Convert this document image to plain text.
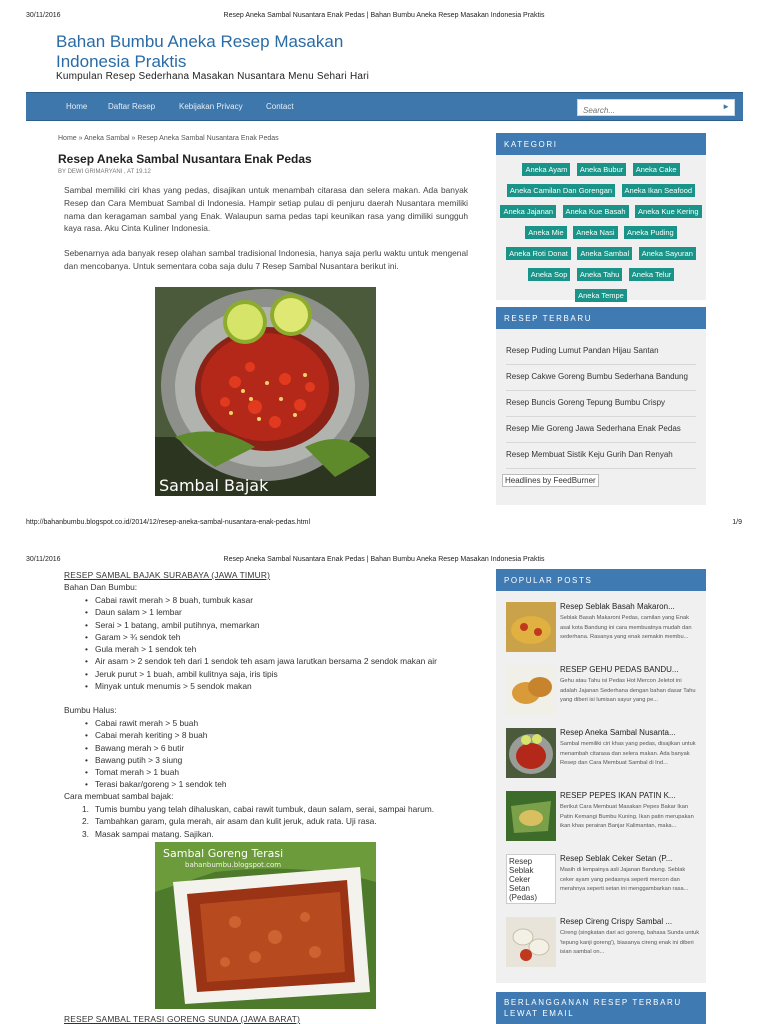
30/11/2016	Resep Aneka Sambal Nusantara Enak Pedas | Bahan Bumbu Aneka Resep Masakan Indonesia Praktis
Bahan Bumbu Aneka Resep Masakan Indonesia Praktis
Kumpulan Resep Sederhana Masakan Nusantara Menu Sehari Hari
Home	Daftar Resep	Kebijakan Privacy	Contact
Search...	►
Home » Aneka Sambal » Resep Aneka Sambal Nusantara Enak Pedas
Resep Aneka Sambal Nusantara Enak Pedas
BY DEWI GRIMARYANI , AT 19.12

Sambal memiliki ciri khas yang pedas, disajikan untuk menambah citarasa dan selera makan. Ada banyak Resep dan Cara Membuat Sambal di Indonesia. Hampir setiap pulau di penjuru daerah Nusantara memiliki nama dan keragaman sambal yang Enak. Walaupun sama pedas tapi keunikan rasa yang dimiliki sungguh kaya rasa. Aku Cinta Kuliner Indonesia.

Sebenarnya ada banyak resep olahan sambal tradisional Indonesia, hanya saja perlu waktu untuk mengenal dan mencobanya. Untuk sementara coba saja dulu 7 Resep Sambal Nusantara berikut ini.

Sambal Bajak
KATEGORI
Aneka Ayam Aneka Bubur Aneka Cake Aneka Camilan Dan Gorengan Aneka Ikan Seafood Aneka Jajanan Aneka Kue Basah Aneka Kue Kering Aneka Mie Aneka Nasi Aneka Puding Aneka Roti Donat Aneka Sambal Aneka Sayuran Aneka Sop Aneka Tahu Aneka Telur Aneka Tempe
RESEP TERBARU
Resep Puding Lumut Pandan Hijau Santan
Resep Cakwe Goreng Bumbu Sederhana Bandung
Resep Buncis Goreng Tepung Bumbu Crispy
Resep Mie Goreng Jawa Sederhana Enak Pedas
Resep Membuat Sistik Keju Gurih Dan Renyah
Headlines by FeedBurner
http://bahanbumbu.blogspot.co.id/2014/12/resep-aneka-sambal-nusantara-enak-pedas.html	1/9
30/11/2016	Resep Aneka Sambal Nusantara Enak Pedas | Bahan Bumbu Aneka Resep Masakan Indonesia Praktis
RESEP SAMBAL BAJAK SURABAYA (JAWA TIMUR)
Bahan Dan Bumbu:
• Cabai rawit merah > 8 buah, tumbuk kasar
• Daun salam > 1 lembar
• Serai > 1 batang, ambil putihnya, memarkan
• Garam > ¾ sendok teh
• Gula merah > 1 sendok teh
• Air asam > 2 sendok teh dari 1 sendok teh asam jawa larutkan bersama 2 sendok makan air
• Jeruk purut > 1 buah, ambil kulitnya saja, iris tipis
• Minyak untuk menumis > 5 sendok makan
Bumbu Halus:
• Cabai rawit merah > 5 buah
• Cabai merah keriting > 8 buah
• Bawang merah > 6 butir
• Bawang putih > 3 siung
• Tomat merah > 1 buah
• Terasi bakar/goreng > 1 sendok teh
Cara membuat sambal bajak:
1. Tumis bumbu yang telah dihaluskan, cabai rawit tumbuk, daun salam, serai, sampai harum.
2. Tambahkan garam, gula merah, air asam dan kulit jeruk, aduk rata. Uji rasa.
3. Masak sampai matang. Sajikan.
Sambal Goreng Terasi
bahanbumbu.blogspot.com
RESEP SAMBAL TERASI GORENG SUNDA (JAWA BARAT)
POPULAR POSTS
Resep Seblak Basah Makaron...
Seblak Basah Makaroni Pedas, camilan yang Enak asal kota Bandung ini cara membuatnya mudah dan sederhana. Rasanya yang enak semakin membu...
RESEP GEHU PEDAS BANDU...
Gehu atau Tahu isi Pedas Hot Mercon Jeletot ini adalah Jajanan Sederhana dengan bahan dasar Tahu yang diberi isi lumisan sayur yang pe...
Resep Aneka Sambal Nusanta...
Sambal memiliki ciri khas yang pedas, disajikan untuk menambah citarasa dan selera makan. Ada banyak Resep dan Cara Membuat Sambal di Ind...
RESEP PEPES IKAN PATIN K...
Berikut Cara Membuat Masakan Pepes Bakar Ikan Patin Kemangi Bumbu Kuning. Ikan patin merupakan ikan khas perairan Banjar Kalimantan, maka...
Resep Seblak Ceker Setan (Pedas)
Resep Seblak Ceker Setan (P...
Masih di lempainya asli Jajanan Bandung. Seblak ceker ayam yang pedasnya seperti mercon dan merahnya seperti setan ini menggambarkan rasa...
Resep Cireng Crispy Sambal ...
Cireng (singkatan dari aci goreng, bahasa Sunda untuk 'tepung kanji goreng'), biasanya cireng enak ini diberi isian sambal on...
BERLANGGANAN RESEP TERBARU LEWAT EMAIL
